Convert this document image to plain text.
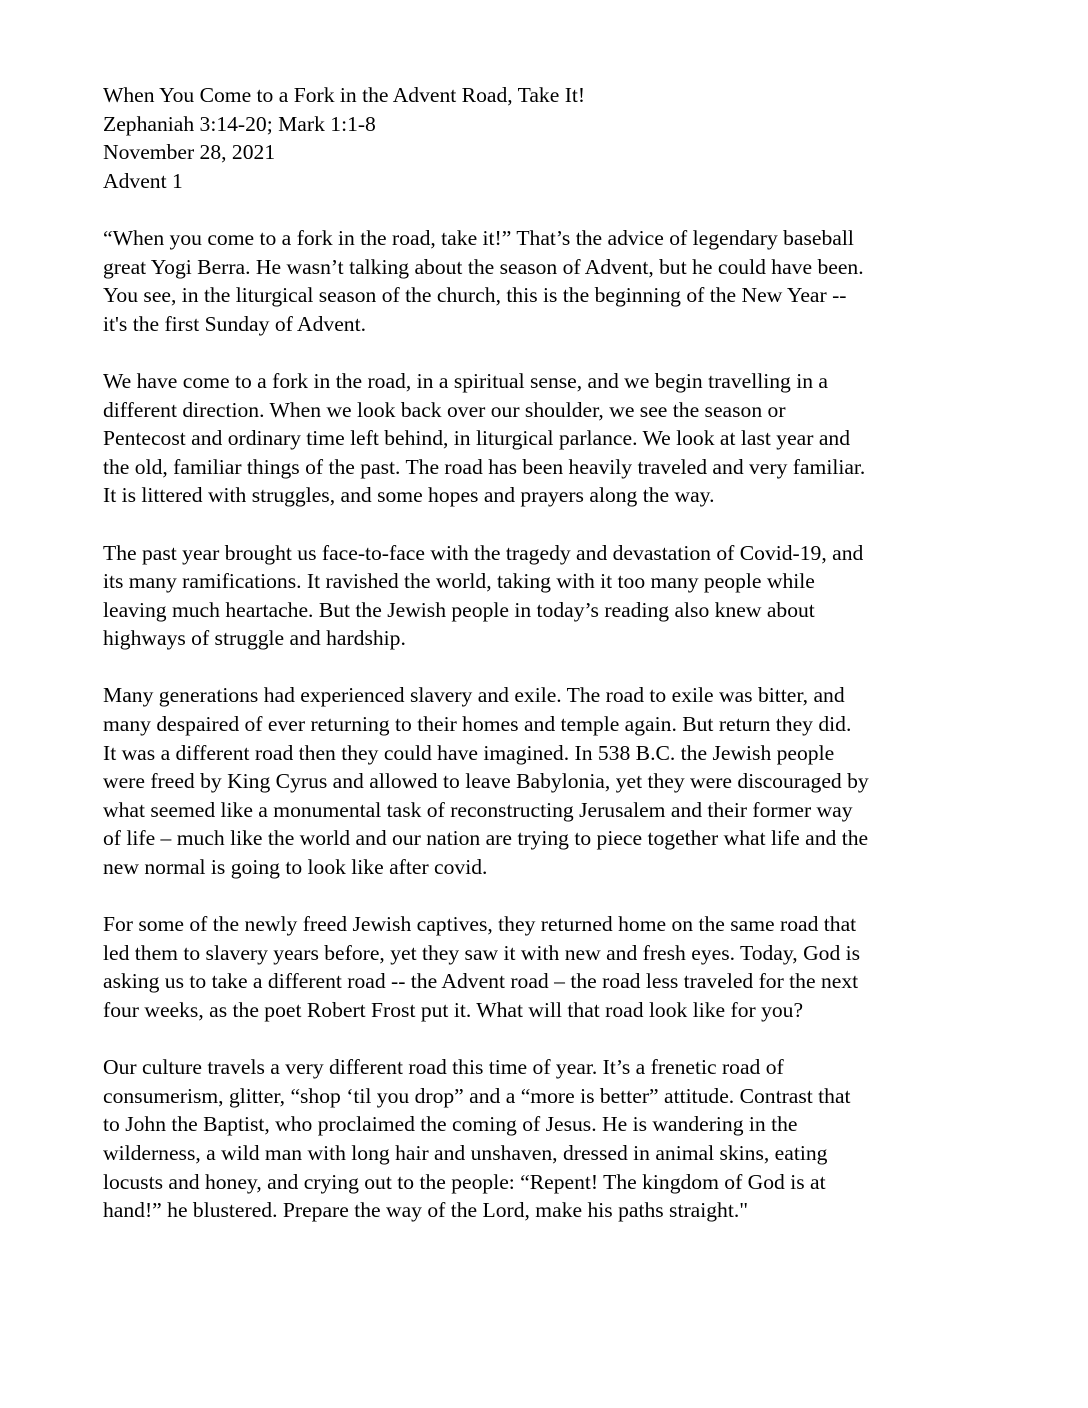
When You Come to a Fork in the Advent Road, Take It!
Zephaniah 3:14-20; Mark 1:1-8
November 28, 2021
Advent 1

“When you come to a fork in the road, take it!” That’s the advice of legendary baseball
great Yogi Berra. He wasn’t talking about the season of Advent, but he could have been.
You see, in the liturgical season of the church, this is the beginning of the New Year --
it's the first Sunday of Advent.

We have come to a fork in the road, in a spiritual sense, and we begin travelling in a
different direction. When we look back over our shoulder, we see the season or
Pentecost and ordinary time left behind, in liturgical parlance. We look at last year and
the old, familiar things of the past. The road has been heavily traveled and very familiar.
It is littered with struggles, and some hopes and prayers along the way.

The past year brought us face-to-face with the tragedy and devastation of Covid-19, and
its many ramifications. It ravished the world, taking with it too many people while
leaving much heartache. But the Jewish people in today’s reading also knew about
highways of struggle and hardship.

Many generations had experienced slavery and exile. The road to exile was bitter, and
many despaired of ever returning to their homes and temple again. But return they did.
It was a different road then they could have imagined. In 538 B.C. the Jewish people
were freed by King Cyrus and allowed to leave Babylonia, yet they were discouraged by
what seemed like a monumental task of reconstructing Jerusalem and their former way
of life – much like the world and our nation are trying to piece together what life and the
new normal is going to look like after covid.

For some of the newly freed Jewish captives, they returned home on the same road that
led them to slavery years before, yet they saw it with new and fresh eyes. Today, God is
asking us to take a different road -- the Advent road – the road less traveled for the next
four weeks, as the poet Robert Frost put it. What will that road look like for you?

Our culture travels a very different road this time of year. It’s a frenetic road of
consumerism, glitter, “shop ‘til you drop” and a “more is better” attitude. Contrast that
to John the Baptist, who proclaimed the coming of Jesus. He is wandering in the
wilderness, a wild man with long hair and unshaven, dressed in animal skins, eating
locusts and honey, and crying out to the people: “Repent! The kingdom of God is at
hand!” he blustered. Prepare the way of the Lord, make his paths straight."
